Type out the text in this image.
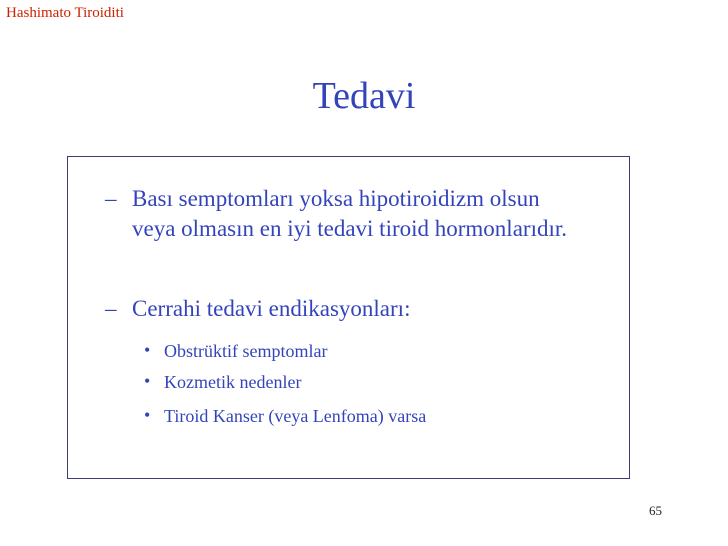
Hashimato Tiroiditi
Tedavi
– Bası semptomları yoksa hipotiroidizm olsun veya olmasın en iyi tedavi tiroid hormonlarıdır.
– Cerrahi tedavi endikasyonları:
• Obstrüktif semptomlar
• Kozmetik nedenler
• Tiroid Kanser (veya Lenfoma) varsa
65
